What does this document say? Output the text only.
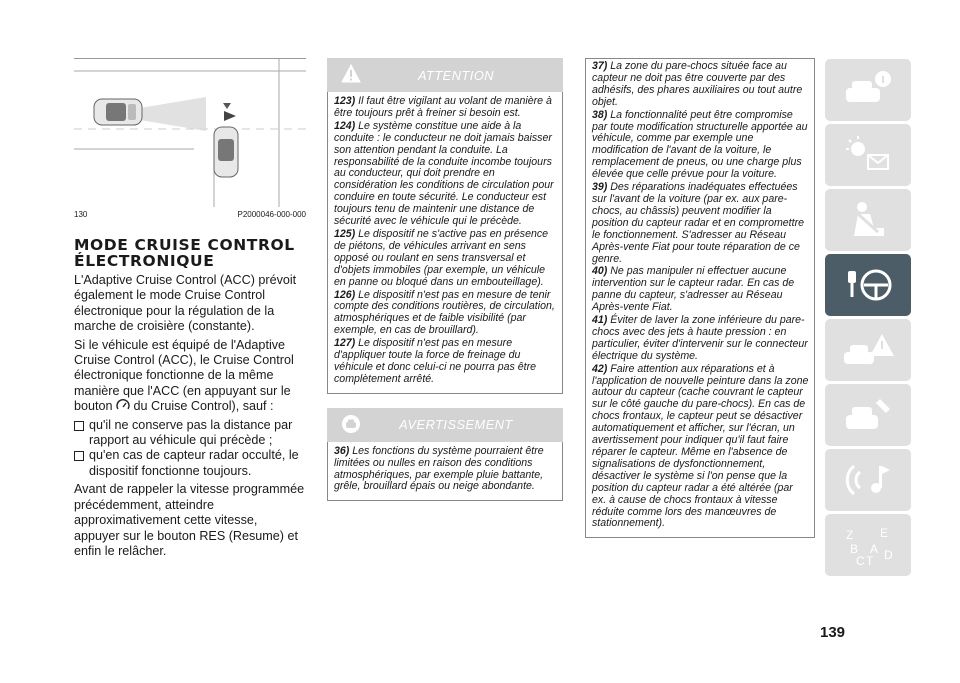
130	P2000046-000-000
MODE CRUISE CONTROL ÉLECTRONIQUE

L'Adaptive Cruise Control (ACC) prévoit également le mode Cruise Control électronique pour la régulation de la marche de croisière (constante).

Si le véhicule est équipé de l'Adaptive Cruise Control (ACC), le Cruise Control électronique fonctionne de la même manière que l'ACC (en appuyant sur le bouton du Cruise Control), sauf :

qu'il ne conserve pas la distance par rapport au véhicule qui précède ;
qu'en cas de capteur radar occulté, le dispositif fonctionne toujours.

Avant de rappeler la vitesse programmée précédemment, atteindre approximativement cette vitesse, appuyer sur le bouton RES (Resume) et enfin le relâcher.

ATTENTION

123) Il faut être vigilant au volant de manière à être toujours prêt à freiner si besoin est.

124) Le système constitue une aide à la conduite : le conducteur ne doit jamais baisser son attention pendant la conduite. La responsabilité de la conduite incombe toujours au conducteur, qui doit prendre en considération les conditions de circulation pour conduire en toute sécurité. Le conducteur est toujours tenu de maintenir une distance de sécurité avec le véhicule qui le précède.

125) Le dispositif ne s'active pas en présence de piétons, de véhicules arrivant en sens opposé ou roulant en sens transversal et d'objets immobiles (par exemple, un véhicule en panne ou bloqué dans un embouteillage).

126) Le dispositif n'est pas en mesure de tenir compte des conditions routières, de circulation, atmosphériques et de faible visibilité (par exemple, en cas de brouillard).

127) Le dispositif n'est pas en mesure d'appliquer toute la force de freinage du véhicule et donc celui-ci ne pourra pas être complètement arrêté.

AVERTISSEMENT

36) Les fonctions du système pourraient être limitées ou nulles en raison des conditions atmosphériques, par exemple pluie battante, grêle, brouillard épais ou neige abondante.

37) La zone du pare-chocs située face au capteur ne doit pas être couverte par des adhésifs, des phares auxiliaires ou tout autre objet.

38) La fonctionnalité peut être compromise par toute modification structurelle apportée au véhicule, comme par exemple une modification de l'avant de la voiture, le remplacement de pneus, ou une charge plus élevée que celle prévue pour la voiture.

39) Des réparations inadéquates effectuées sur l'avant de la voiture (par ex. aux pare-chocs, au châssis) peuvent modifier la position du capteur radar et en compromettre le fonctionnement. S'adresser au Réseau Après-vente Fiat pour toute réparation de ce genre.

40) Ne pas manipuler ni effectuer aucune intervention sur le capteur radar. En cas de panne du capteur, s'adresser au Réseau Après-vente Fiat.

41) Éviter de laver la zone inférieure du pare-chocs avec des jets à haute pression : en particulier, éviter d'intervenir sur le connecteur électrique du système.

42) Faire attention aux réparations et à l'application de nouvelle peinture dans la zone autour du capteur (cache couvrant le capteur sur le côté gauche du pare-chocs). En cas de chocs frontaux, le capteur peut se désactiver automatiquement et afficher, sur l'écran, un avertissement pour indiquer qu'il faut faire réparer le capteur. Même en l'absence de signalisations de dysfonctionnement, désactiver le système si l'on pense que la position du capteur radar a été altérée (par ex. à cause de chocs frontaux à vitesse réduite comme lors des manœuvres de stationnement).

Z E
B A
C T D
139
